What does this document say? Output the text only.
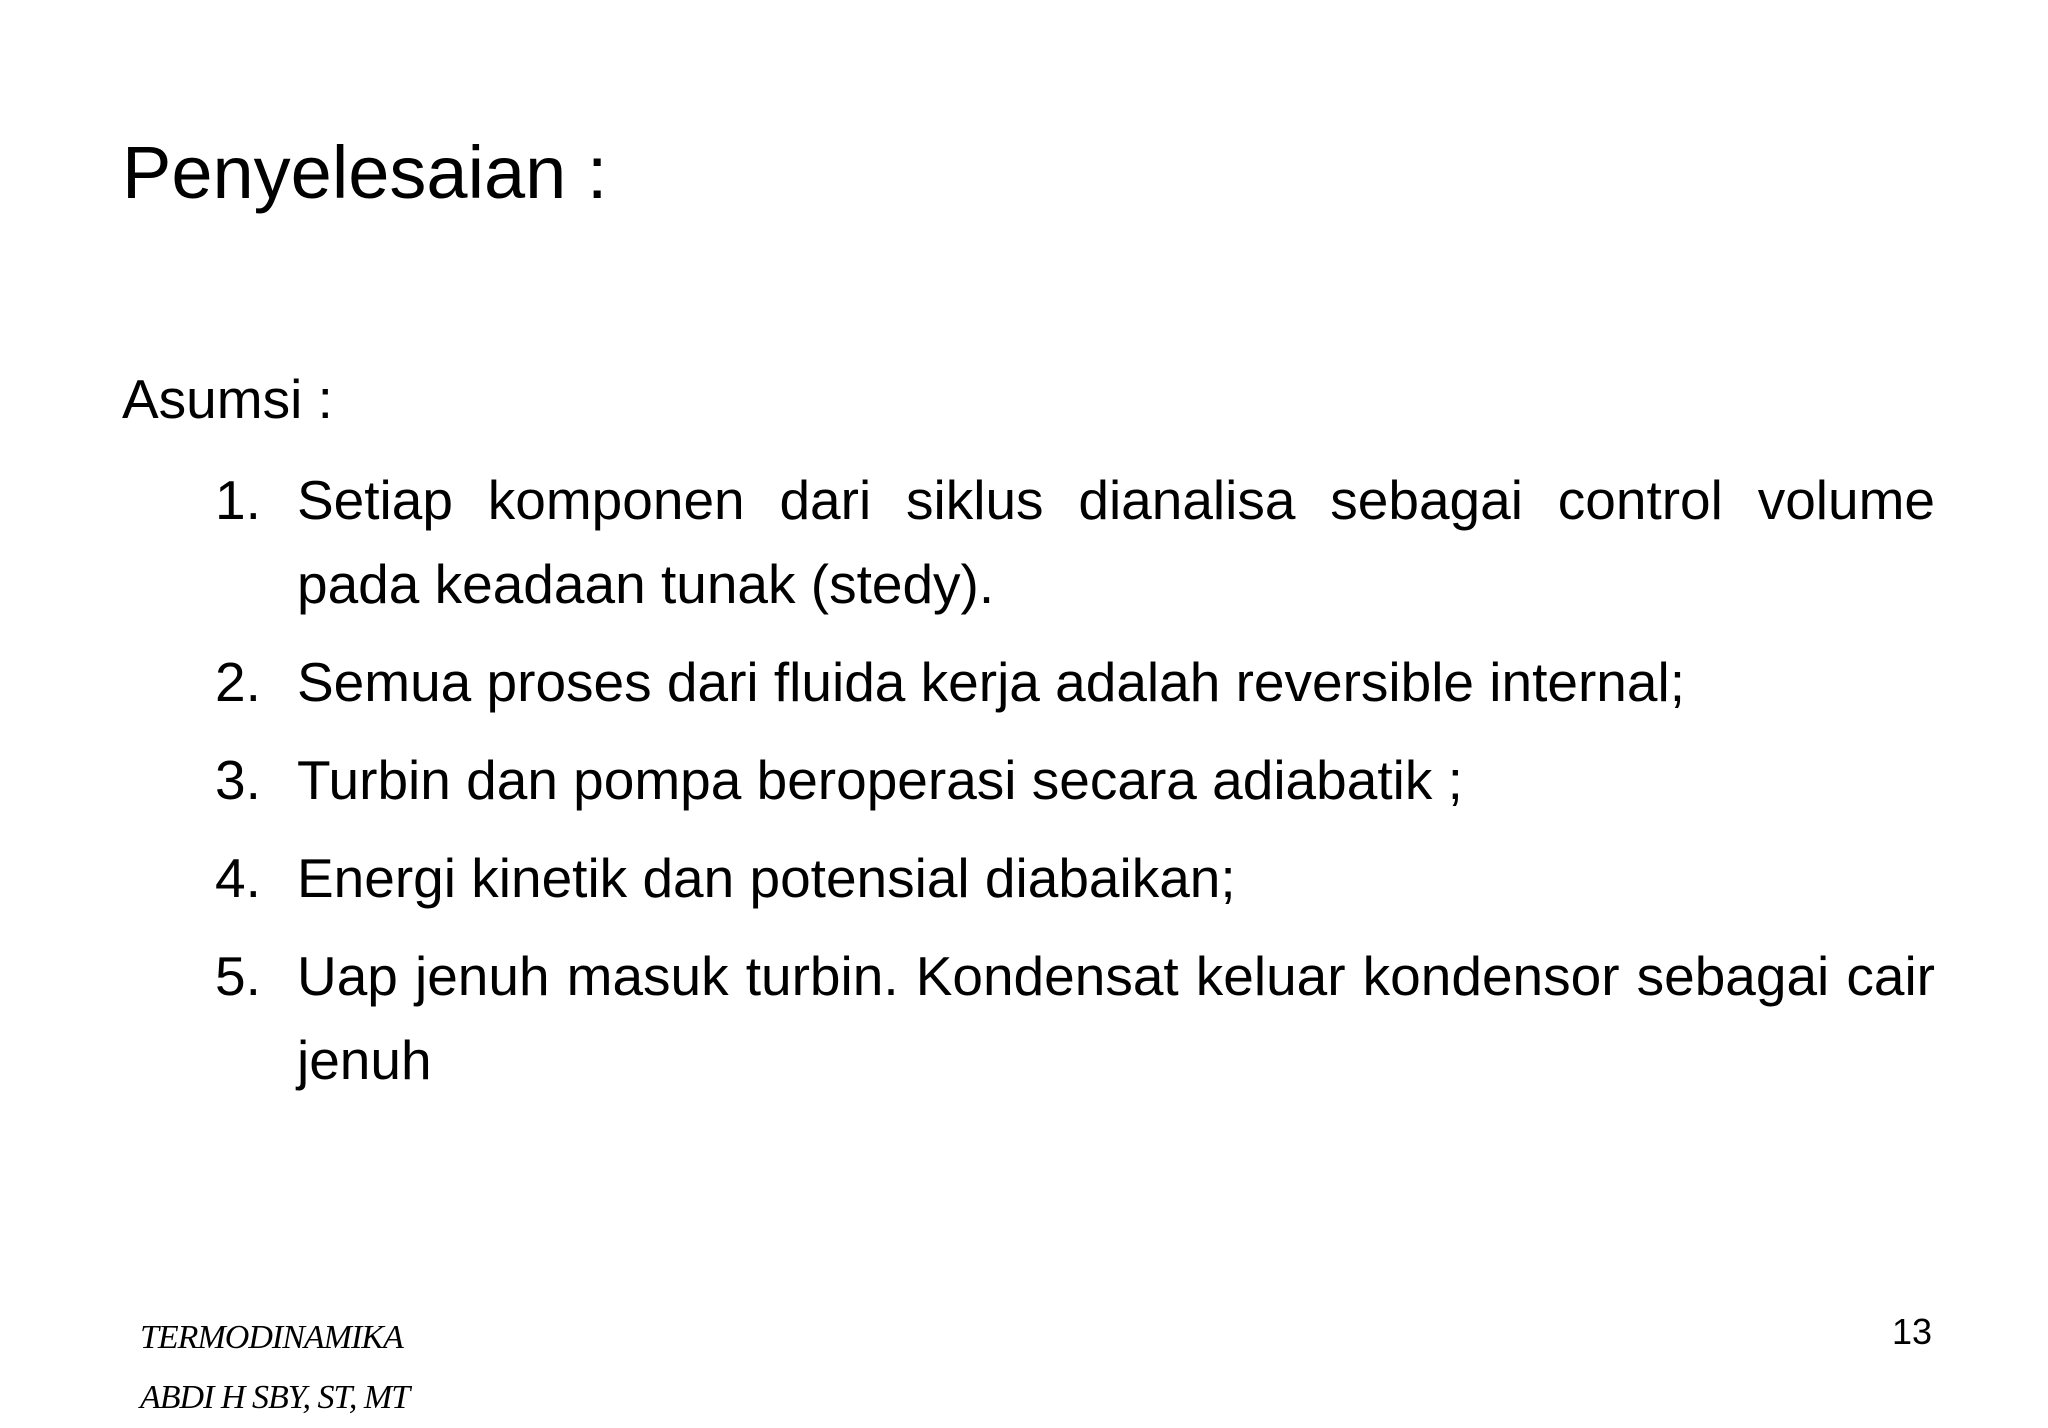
Penyelesaian :

Asumsi :

1. Setiap komponen dari siklus dianalisa sebagai control volume pada keadaan tunak (stedy).
2. Semua proses dari fluida kerja adalah reversible internal;
3. Turbin dan pompa beroperasi secara adiabatik ;
4. Energi kinetik dan potensial diabaikan;
5. Uap jenuh masuk turbin. Kondensat keluar kondensor sebagai cair jenuh
TERMODINAMIKA
ABDI H SBY, ST, MT
13
